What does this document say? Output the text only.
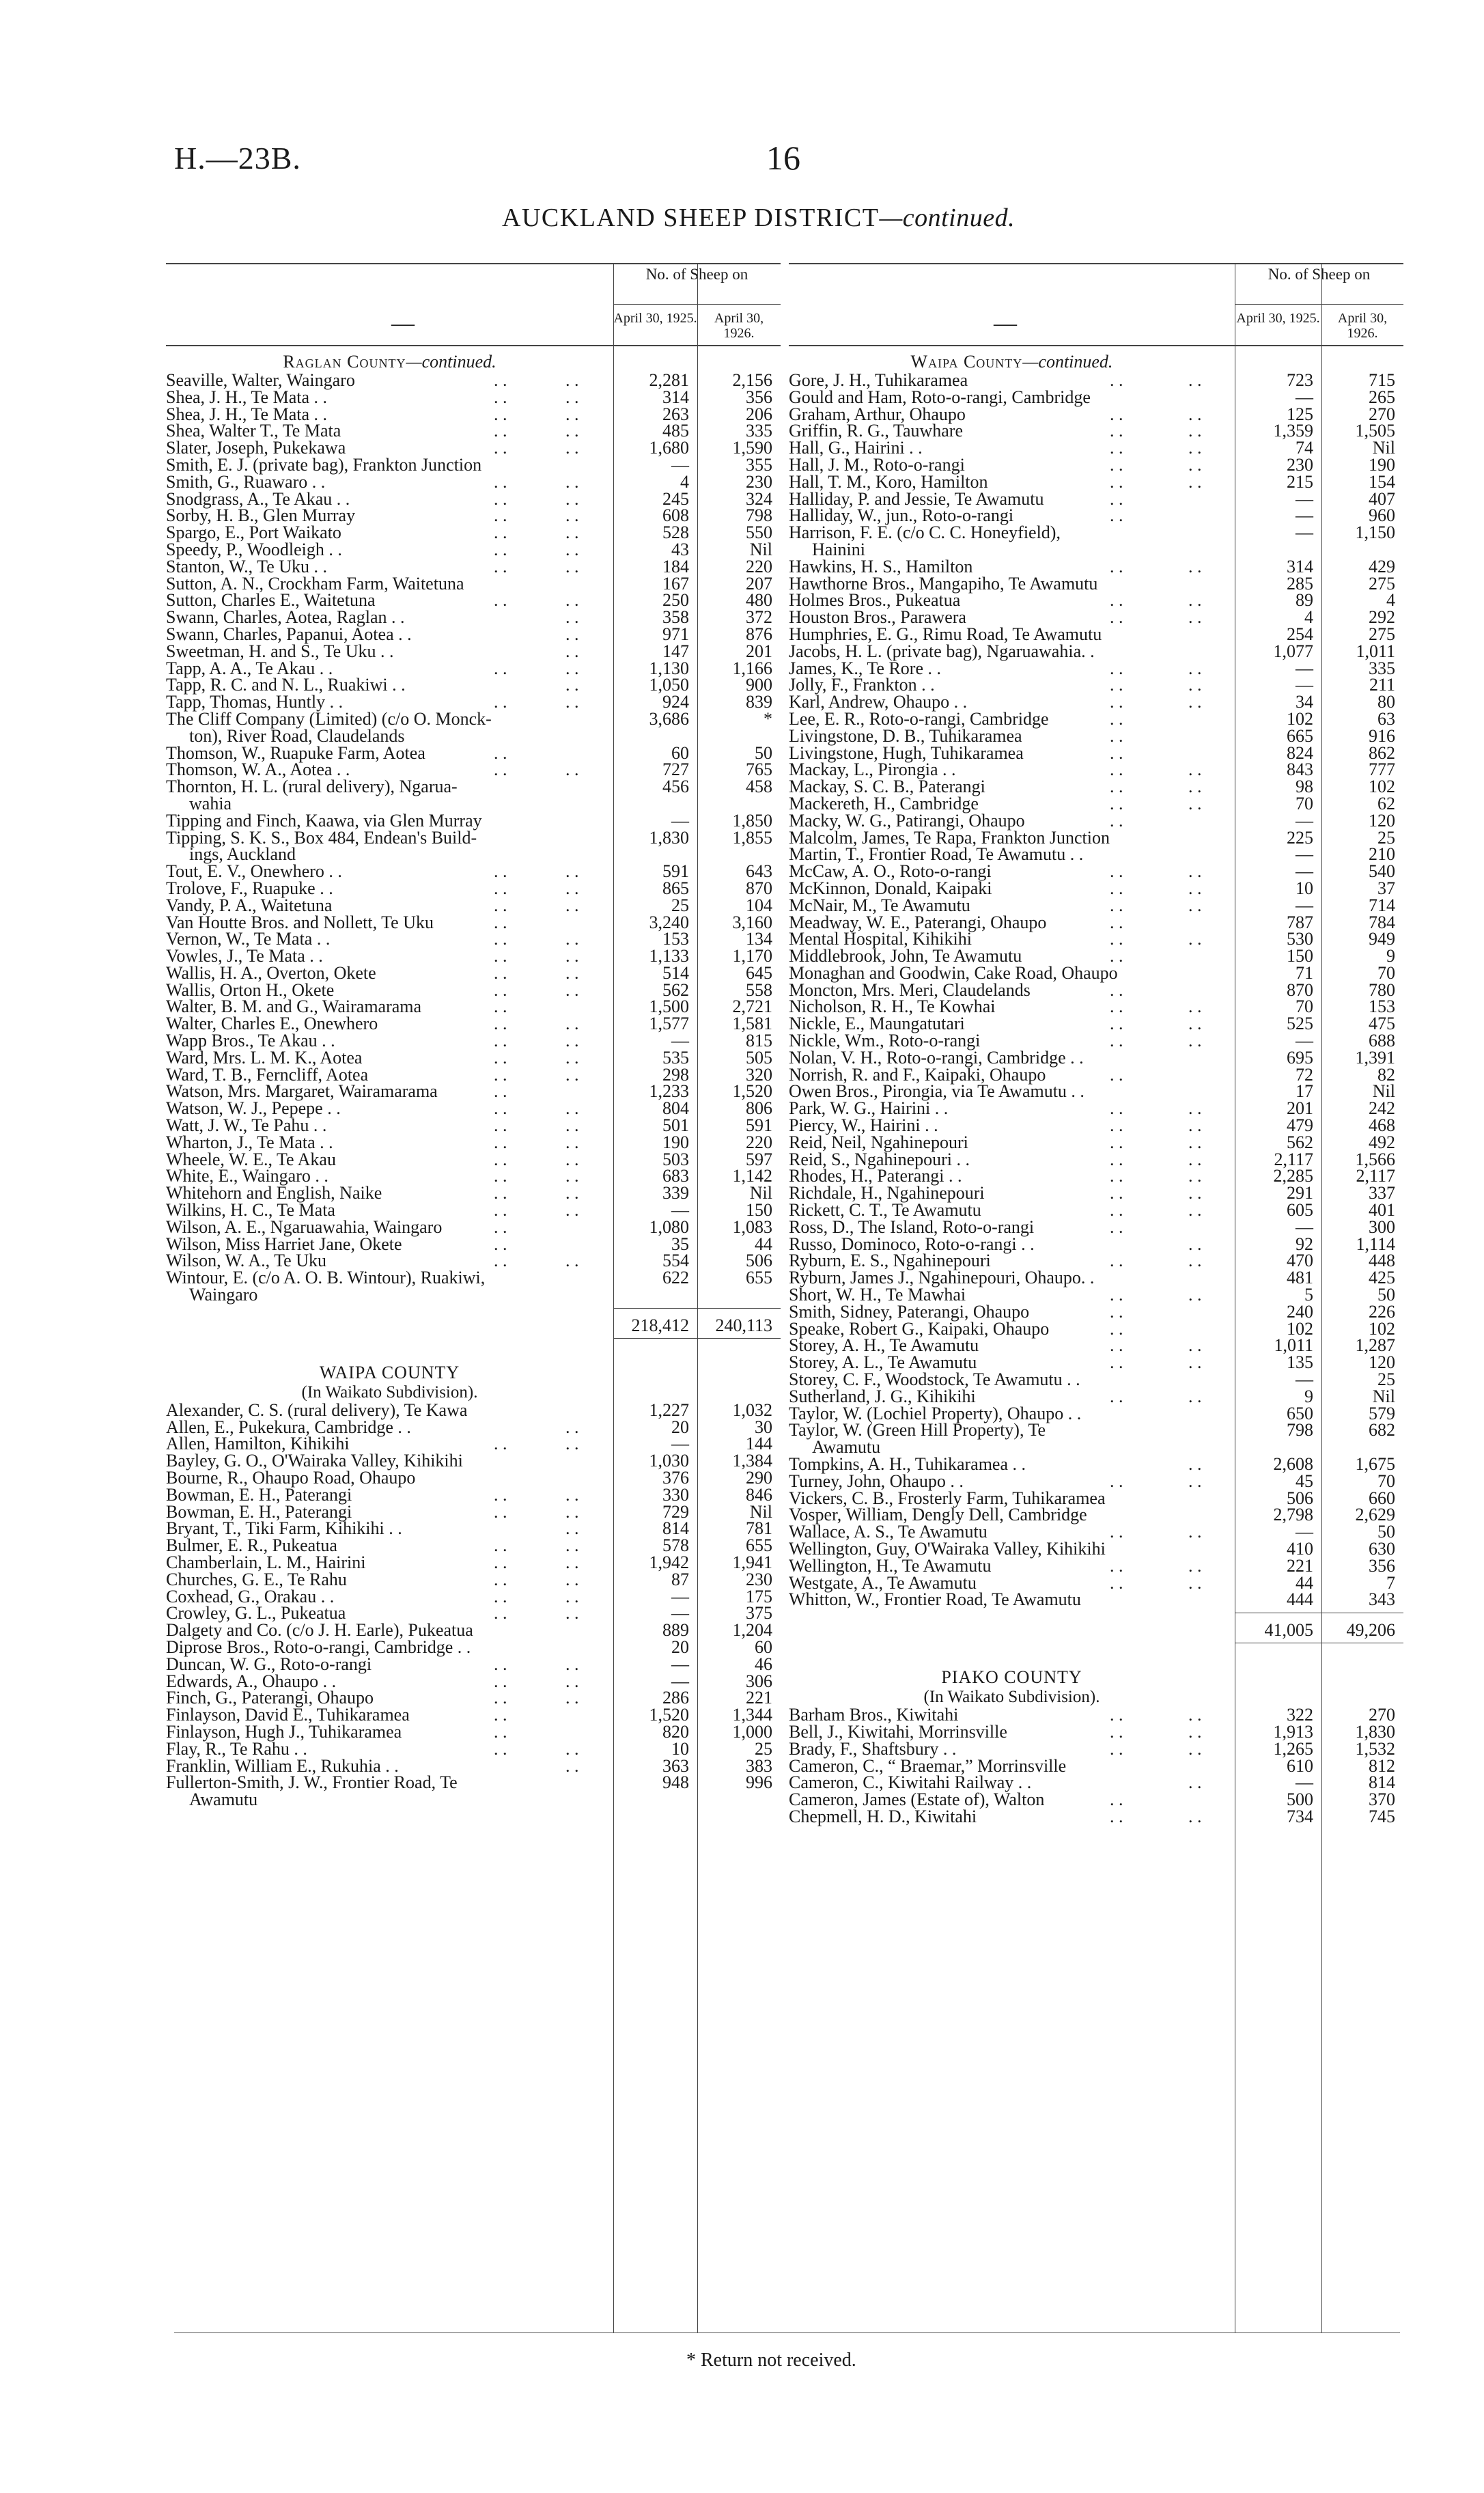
H.—23B.	16
AUCKLAND SHEEP DISTRICT—continued.
—
No. of Sheep on
April 30, 1925.	April 30, 1926.
Raglan County—continued.
Seaville, Walter, Waingaro	. .	. .	2,281 2,156
Shea, J. H., Te Mata . .	. .	. .	314	356
Shea, J. H., Te Mata . .	. .	. .	263	206
Shea, Walter T., Te Mata	. .	. .	485	335
Slater, Joseph, Pukekawa	. .	. .	1,680 1,590
Smith, E. J. (private bag), Frankton Junction	—	355
Smith, G., Ruawaro . .	. .	. .	4	230
Snodgrass, A., Te Akau . .	. .	. .	245	324
Sorby, H. B., Glen Murray	. .	. .	608	798
Spargo, E., Port Waikato	. .	. .	528	550
Speedy, P., Woodleigh . .	. .	. .	43	Nil
Stanton, W., Te Uku . .	. .	. .	184	220
Sutton, A. N., Crockham Farm, Waitetuna	167	207
Sutton, Charles E., Waitetuna	. .	. .	250	480
Swann, Charles, Aotea, Raglan . .	. .	358	372
Swann, Charles, Papanui, Aotea . .	. .	971	876
Sweetman, H. and S., Te Uku . .	. .	147	201
Tapp, A. A., Te Akau . .	. .	. .	1,130 1,166
Tapp, R. C. and N. L., Ruakiwi . .	. .	1,050	900
Tapp, Thomas, Huntly . .	. .	. .	924	839
The Cliff Company (Limited) (c/o O. Monck-	3,686	*
ton), River Road, Claudelands
Thomson, W., Ruapuke Farm, Aotea	. .	60	50
Thomson, W. A., Aotea . .	. .	. .	727	765
Thornton, H. L. (rural delivery), Ngarua-	456	458
wahia
Tipping and Finch, Kaawa, via Glen Murray	— 1,850
Tipping, S. K. S., Box 484, Endean's Build-	1,830 1,855
ings, Auckland
Tout, E. V., Onewhero . .	. .	. .	591	643
Trolove, F., Ruapuke . .	. .	. .	865	870
Vandy, P. A., Waitetuna	. .	. .	25	104
Van Houtte Bros. and Nollett, Te Uku	. .	3,240 3,160
Vernon, W., Te Mata . .	. .	. .	153	134
Vowles, J., Te Mata . .	. .	. .	1,133 1,170
Wallis, H. A., Overton, Okete	. .	. .	514	645
Wallis, Orton H., Okete	. .	. .	562	558
Walter, B. M. and G., Wairamarama	. .	1,500 2,721
Walter, Charles E., Onewhero	. .	. .	1,577 1,581
Wapp Bros., Te Akau . .	. .	. .	—	815
Ward, Mrs. L. M. K., Aotea	. .	. .	535	505
Ward, T. B., Ferncliff, Aotea	. .	. .	298	320
Watson, Mrs. Margaret, Wairamarama	. .	1,233 1,520
Watson, W. J., Pepepe . .	. .	. .	804	806
Watt, J. W., Te Pahu . .	. .	. .	501	591
Wharton, J., Te Mata . .	. .	. .	190	220
Wheele, W. E., Te Akau	. .	. .	503	597
White, E., Waingaro . .	. .	. .	683 1,142
Whitehorn and English, Naike	. .	. .	339	Nil
Wilkins, H. C., Te Mata	. .	. .	—	150
Wilson, A. E., Ngaruawahia, Waingaro	. .	1,080 1,083
Wilson, Miss Harriet Jane, Okete	. .	35	44
Wilson, W. A., Te Uku	. .	. .	554	506
Wintour, E. (c/o A. O. B. Wintour), Ruakiwi,	622	655
Waingaro
218,412 240,113
WAIPA COUNTY
(In Waikato Subdivision).
Alexander, C. S. (rural delivery), Te Kawa	1,227 1,032
Allen, E., Pukekura, Cambridge . .	. .	20	30
Allen, Hamilton, Kihikihi	. .	. .	—	144
Bayley, G. O., O'Wairaka Valley, Kihikihi	1,030 1,384
Bourne, R., Ohaupo Road, Ohaupo	376	290
Bowman, E. H., Paterangi	. .	. .	330	846
Bowman, E. H., Paterangi	. .	. .	729	Nil
Bryant, T., Tiki Farm, Kihikihi . .	. .	814	781
Bulmer, E. R., Pukeatua	. .	. .	578	655
Chamberlain, L. M., Hairini	. .	. .	1,942 1,941
Churches, G. E., Te Rahu	. .	. .	87	230
Coxhead, G., Orakau . .	. .	. .	—	175
Crowley, G. L., Pukeatua	. .	. .	—	375
Dalgety and Co. (c/o J. H. Earle), Pukeatua	889 1,204
Diprose Bros., Roto-o-rangi, Cambridge . .	20	60
Duncan, W. G., Roto-o-rangi	. .	. .	—	46
Edwards, A., Ohaupo . .	. .	. .	—	306
Finch, G., Paterangi, Ohaupo	. .	. .	286	221
Finlayson, David E., Tuhikaramea	. .	1,520 1,344
Finlayson, Hugh J., Tuhikaramea	. .	820 1,000
Flay, R., Te Rahu . .	. .	. .	10	25
Franklin, William E., Rukuhia . .	. .	363	383
Fullerton-Smith, J. W., Frontier Road, Te	948	996
Awamutu
—
No. of Sheep on
April 30, 1925.	April 30, 1926.
Waipa County—continued.
Gore, J. H., Tuhikaramea	. .	. .	723	715
Gould and Ham, Roto-o-rangi, Cambridge	—	265
Graham, Arthur, Ohaupo	. .	. .	125	270
Griffin, R. G., Tauwhare	. .	. .	1,359 1,505
Hall, G., Hairini . .	. .	. .	74	Nil
Hall, J. M., Roto-o-rangi	. .	. .	230	190
Hall, T. M., Koro, Hamilton	. .	. .	215	154
Halliday, P. and Jessie, Te Awamutu	. .	—	407
Halliday, W., jun., Roto-o-rangi	. .	—	960
Harrison, F. E. (c/o C. C. Honeyfield),	— 1,150
Hainini
Hawkins, H. S., Hamilton	. .	. .	314	429
Hawthorne Bros., Mangapiho, Te Awamutu	285	275
Holmes Bros., Pukeatua	. .	. .	89	4
Houston Bros., Parawera	. .	. .	4	292
Humphries, E. G., Rimu Road, Te Awamutu	254	275
Jacobs, H. L. (private bag), Ngaruawahia. .	1,077 1,011
James, K., Te Rore . .	. .	. .	—	335
Jolly, F., Frankton . .	. .	. .	—	211
Karl, Andrew, Ohaupo . .	. .	. .	34	80
Lee, E. R., Roto-o-rangi, Cambridge	. .	102	63
Livingstone, D. B., Tuhikaramea	. .	665	916
Livingstone, Hugh, Tuhikaramea	. .	824	862
Mackay, L., Pirongia . .	. .	. .	843	777
Mackay, S. C. B., Paterangi	. .	. .	98	102
Mackereth, H., Cambridge	. .	. .	70	62
Macky, W. G., Patirangi, Ohaupo	. .	—	120
Malcolm, James, Te Rapa, Frankton Junction	225	25
Martin, T., Frontier Road, Te Awamutu . .	—	210
McCaw, A. O., Roto-o-rangi	. .	. .	—	540
McKinnon, Donald, Kaipaki	. .	. .	10	37
McNair, M., Te Awamutu	. .	. .	—	714
Meadway, W. E., Paterangi, Ohaupo	. .	787	784
Mental Hospital, Kihikihi	. .	. .	530	949
Middlebrook, John, Te Awamutu	. .	150	9
Monaghan and Goodwin, Cake Road, Ohaupo	71	70
Moncton, Mrs. Meri, Claudelands	. .	870	780
Nicholson, R. H., Te Kowhai	. .	. .	70	153
Nickle, E., Maungatutari	. .	. .	525	475
Nickle, Wm., Roto-o-rangi	. .	. .	—	688
Nolan, V. H., Roto-o-rangi, Cambridge . .	695 1,391
Norrish, R. and F., Kaipaki, Ohaupo	. .	72	82
Owen Bros., Pirongia, via Te Awamutu . .	17	Nil
Park, W. G., Hairini . .	. .	. .	201	242
Piercy, W., Hairini . .	. .	. .	479	468
Reid, Neil, Ngahinepouri	. .	. .	562	492
Reid, S., Ngahinepouri . .	. .	. .	2,117 1,566
Rhodes, H., Paterangi . .	. .	. .	2,285 2,117
Richdale, H., Ngahinepouri	. .	. .	291	337
Rickett, C. T., Te Awamutu	. .	. .	605	401
Ross, D., The Island, Roto-o-rangi	. .	—	300
Russo, Dominoco, Roto-o-rangi . .	. .	92 1,114
Ryburn, E. S., Ngahinepouri	. .	. .	470	448
Ryburn, James J., Ngahinepouri, Ohaupo. .	481	425
Short, W. H., Te Mawhai	. .	. .	5	50
Smith, Sidney, Paterangi, Ohaupo	. .	240	226
Speake, Robert G., Kaipaki, Ohaupo	. .	102	102
Storey, A. H., Te Awamutu	. .	. .	1,011 1,287
Storey, A. L., Te Awamutu	. .	. .	135	120
Storey, C. F., Woodstock, Te Awamutu . .	—	25
Sutherland, J. G., Kihikihi	. .	. .	9	Nil
Taylor, W. (Lochiel Property), Ohaupo . .	650	579
Taylor, W. (Green Hill Property), Te	798	682
Awamutu
Tompkins, A. H., Tuhikaramea . .	. .	2,608 1,675
Turney, John, Ohaupo . .	. .	. .	45	70
Vickers, C. B., Frosterly Farm, Tuhikaramea	506	660
Vosper, William, Dengly Dell, Cambridge	2,798 2,629
Wallace, A. S., Te Awamutu	. .	. .	—	50
Wellington, Guy, O'Wairaka Valley, Kihikihi	410	630
Wellington, H., Te Awamutu	. .	. .	221	356
Westgate, A., Te Awamutu	. .	. .	44	7
Whitton, W., Frontier Road, Te Awamutu	444	343
41,005 49,206
PIAKO COUNTY
(In Waikato Subdivision).
Barham Bros., Kiwitahi	. .	. .	322	270
Bell, J., Kiwitahi, Morrinsville	. .	. .	1,913 1,830
Brady, F., Shaftsbury . .	. .	. .	1,265 1,532
Cameron, C., “ Braemar,” Morrinsville	610	812
Cameron, C., Kiwitahi Railway . .	. .	—	814
Cameron, James (Estate of), Walton	. .	500	370
Chepmell, H. D., Kiwitahi	. .	. .	734	745
* Return not received.
